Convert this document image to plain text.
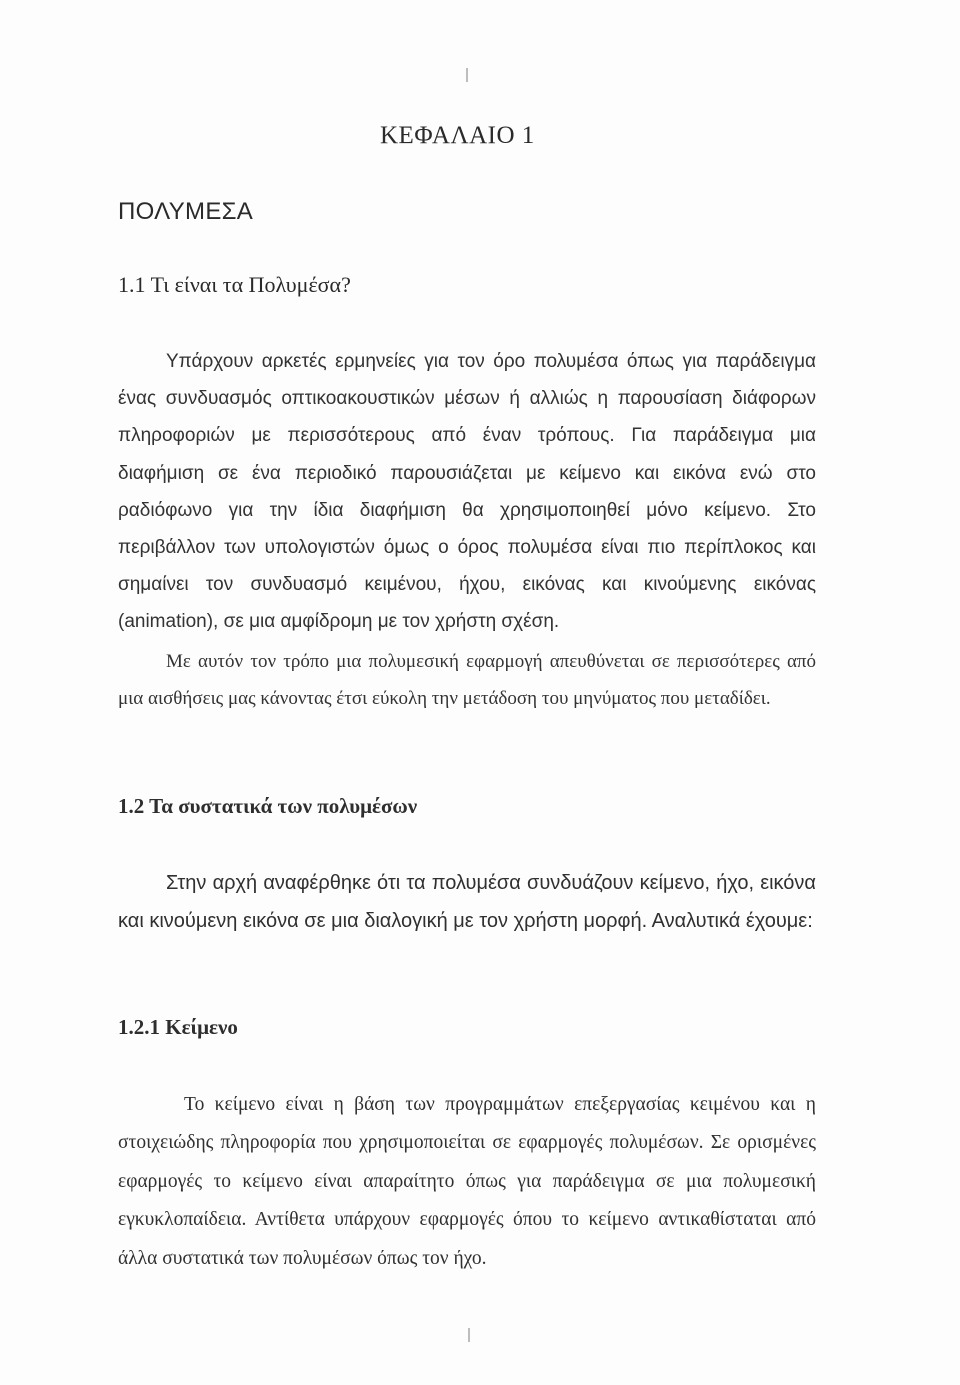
ΚΕΦΑΛΑΙΟ 1
ΠΟΛΥΜΕΣΑ
1.1 Τι είναι τα Πολυμέσα?
Υπάρχουν αρκετές ερμηνείες για τον όρο πολυμέσα όπως για παράδειγμα ένας συνδυασμός οπτικοακουστικών μέσων ή αλλιώς η παρουσίαση διάφορων πληροφοριών με περισσότερους από έναν τρόπους. Για παράδειγμα μια διαφήμιση σε ένα περιοδικό παρουσιάζεται με κείμενο και εικόνα ενώ στο ραδιόφωνο για την ίδια διαφήμιση θα χρησιμοποιηθεί μόνο κείμενο. Στο περιβάλλον των υπολογιστών όμως ο όρος πολυμέσα είναι πιο περίπλοκος και σημαίνει τον συνδυασμό κειμένου, ήχου, εικόνας και κινούμενης εικόνας (animation), σε μια αμφίδρομη με τον χρήστη σχέση.
Με αυτόν τον τρόπο μια πολυμεσική εφαρμογή απευθύνεται σε περισσότερες από μια αισθήσεις μας κάνοντας έτσι εύκολη την μετάδοση του μηνύματος που μεταδίδει.
1.2 Τα συστατικά των πολυμέσων
Στην αρχή αναφέρθηκε ότι τα πολυμέσα συνδυάζουν κείμενο, ήχο, εικόνα και κινούμενη εικόνα σε μια διαλογική με τον χρήστη μορφή. Αναλυτικά έχουμε:
1.2.1 Κείμενο
Το κείμενο είναι η βάση των προγραμμάτων επεξεργασίας κειμένου και η στοιχειώδης πληροφορία που χρησιμοποιείται σε εφαρμογές πολυμέσων. Σε ορισμένες εφαρμογές το κείμενο είναι απαραίτητο όπως για παράδειγμα σε μια πολυμεσική εγκυκλοπαίδεια. Αντίθετα υπάρχουν εφαρμογές όπου το κείμενο αντικαθίσταται από άλλα συστατικά των πολυμέσων όπως τον ήχο.
